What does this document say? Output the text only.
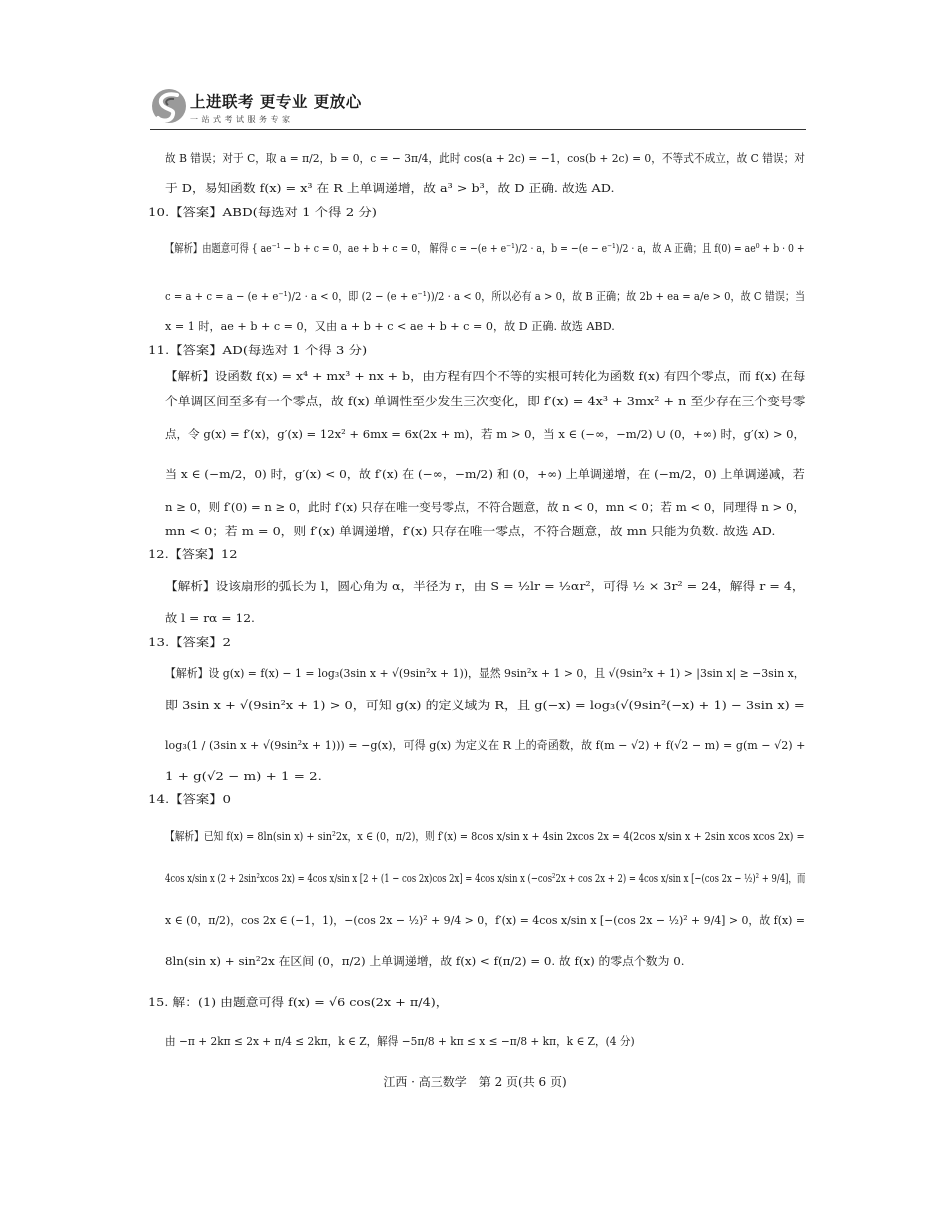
上进联考 更专业 更放心
一站式考试服务专家
故 B 错误；对于 C，取 a = π/2，b = 0，c = − 3π/4，此时 cos(a + 2c) = −1，cos(b + 2c) = 0，不等式不成立，故 C 错误；对
于 D，易知函数 f(x) = x³ 在 R 上单调递增，故 a³ > b³，故 D 正确. 故选 AD.
10.【答案】ABD(每选对 1 个得 2 分)
【解析】由题意可得 { ae⁻¹ − b + c = 0，ae + b + c = 0， 解得 c = −(e + e⁻¹)/2 · a，b = −(e − e⁻¹)/2 · a，故 A 正确；且 f(0) = ae⁰ + b · 0 +
c = a + c = a − (e + e⁻¹)/2 · a < 0，即 (2 − (e + e⁻¹))/2 · a < 0，所以必有 a > 0，故 B 正确；故 2b + ea = a/e > 0，故 C 错误；当
x = 1 时，ae + b + c = 0，又由 a + b + c < ae + b + c = 0，故 D 正确. 故选 ABD.
11.【答案】AD(每选对 1 个得 3 分)
【解析】设函数 f(x) = x⁴ + mx³ + nx + b，由方程有四个不等的实根可转化为函数 f(x) 有四个零点，而 f(x) 在每
个单调区间至多有一个零点，故 f(x) 单调性至少发生三次变化，即 f′(x) = 4x³ + 3mx² + n 至少存在三个变号零
点，令 g(x) = f′(x)，g′(x) = 12x² + 6mx = 6x(2x + m)，若 m > 0，当 x ∈ (−∞，−m/2) ∪ (0，+∞) 时，g′(x) > 0，
当 x ∈ (−m/2，0) 时，g′(x) < 0，故 f′(x) 在 (−∞，−m/2) 和 (0，+∞) 上单调递增，在 (−m/2，0) 上单调递减，若
n ≥ 0，则 f′(0) = n ≥ 0，此时 f′(x) 只存在唯一变号零点，不符合题意，故 n < 0，mn < 0；若 m < 0，同理得 n > 0，
mn < 0；若 m = 0，则 f′(x) 单调递增，f′(x) 只存在唯一零点，不符合题意，故 mn 只能为负数. 故选 AD.
12.【答案】12
【解析】设该扇形的弧长为 l，圆心角为 α，半径为 r，由 S = ½lr = ½αr²，可得 ½ × 3r² = 24，解得 r = 4，
故 l = rα = 12.
13.【答案】2
【解析】设 g(x) = f(x) − 1 = log₃(3sin x + √(9sin²x + 1))，显然 9sin²x + 1 > 0，且 √(9sin²x + 1) > |3sin x| ≥ −3sin x，
即 3sin x + √(9sin²x + 1) > 0，可知 g(x) 的定义域为 R，且 g(−x) = log₃(√(9sin²(−x) + 1) − 3sin x) =
log₃(1 / (3sin x + √(9sin²x + 1))) = −g(x)，可得 g(x) 为定义在 R 上的奇函数，故 f(m − √2) + f(√2 − m) = g(m − √2) +
1 + g(√2 − m) + 1 = 2.
14.【答案】0
【解析】已知 f(x) = 8ln(sin x) + sin²2x，x ∈ (0，π/2)，则 f′(x) = 8cos x/sin x + 4sin 2xcos 2x = 4(2cos x/sin x + 2sin xcos xcos 2x) =
4cos x/sin x (2 + 2sin²xcos 2x) = 4cos x/sin x [2 + (1 − cos 2x)cos 2x] = 4cos x/sin x (−cos²2x + cos 2x + 2) = 4cos x/sin x [−(cos 2x − ½)² + 9/4]，而
x ∈ (0，π/2)，cos 2x ∈ (−1，1)，−(cos 2x − ½)² + 9/4 > 0，f′(x) = 4cos x/sin x [−(cos 2x − ½)² + 9/4] > 0，故 f(x) =
8ln(sin x) + sin²2x 在区间 (0，π/2) 上单调递增，故 f(x) < f(π/2) = 0. 故 f(x) 的零点个数为 0.
15. 解：(1) 由题意可得 f(x) = √6 cos(2x + π/4)，
由 −π + 2kπ ≤ 2x + π/4 ≤ 2kπ，k ∈ Z，解得 −5π/8 + kπ ≤ x ≤ −π/8 + kπ，k ∈ Z，(4 分)
江西 · 高三数学　第 2 页(共 6 页)
